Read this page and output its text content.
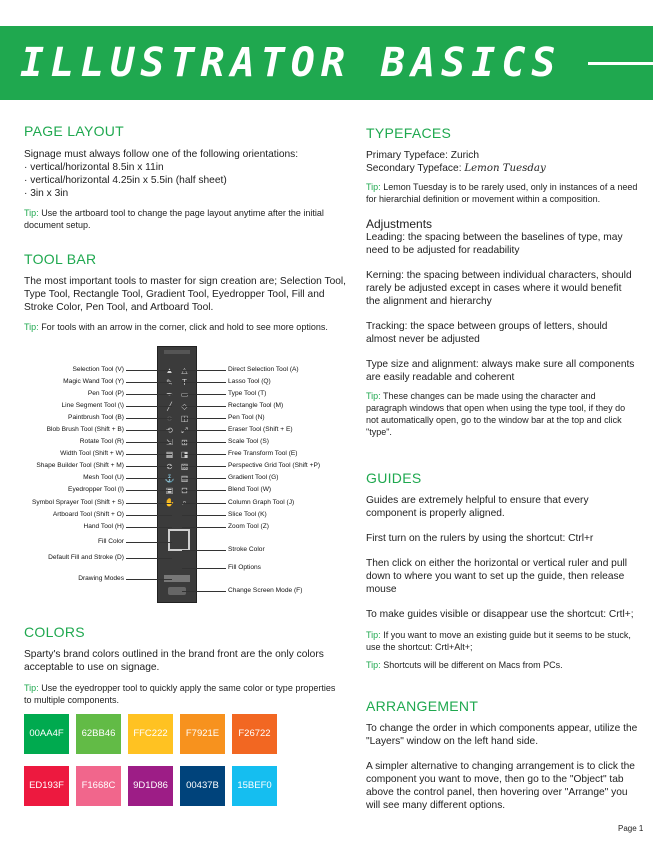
ILLUSTRATOR BASICS
PAGE LAYOUT

Signage must always follow one of the following orientations:

· vertical/horizontal 8.5in x 11in

· vertical/horizontal 4.25in x 5.5in (half sheet)

· 3in x 3in

Tip: Use the artboard tool to change the page layout anytime after the initial document setup.

TOOL BAR

The most important tools to master for sign creation are; Selection Tool, Type Tool, Rectangle Tool, Gradient Tool, Eyedropper Tool, Fill and Stroke Color, Pen Tool, and Artboard Tool.

Tip: For tools with an arrow in the corner, click and hold to see more options.

▲ △
✎	T
✒ ▭
╱	◇
◌	◫
⟲ ⤢
⇲ ⊞
▦ ◨
⊘ ▨
⚓ ▥
▣ ⊡
✋ ⌕
Selection Tool (V)
Magic Wand Tool (Y)
Pen Tool (P)
Line Segment Tool (\)
Paintbrush Tool (B)
Blob Brush Tool (Shift + B)
Rotate Tool (R)
Width Tool (Shift + W)
Shape Builder Tool (Shift + M)
Mesh Tool (U)
Eyedropper Tool (I)
Symbol Sprayer Tool (Shift + S)
Artboard Tool (Shift + O)
Hand Tool (H)
Fill Color
Default Fill and Stroke (D)
Drawing Modes
Direct Selection Tool (A)
Lasso Tool (Q)
Type Tool (T)
Rectangle Tool (M)
Pen Tool (N)
Eraser Tool (Shift + E)
Scale Tool (S)
Free Transform Tool (E)
Perspective Grid Tool (Shift +P)
Gradient Tool (G)
Blend Tool (W)
Column Graph Tool (J)
Slice Tool (K)
Zoom Tool (Z)
Stroke Color
Fill Options
Change Screen Mode (F)
COLORS

Sparty's brand colors outlined in the brand front are the only colors acceptable to use on signage.

Tip: Use the eyedropper tool to quickly apply the same color or type properties to multiple components.

00AA4F	62BB46	FFC222	F7921E	F26722
ED193F	F1668C	9D1D86	00437B	15BEF0
TYPEFACES

Primary Typeface: Zurich

Secondary Typeface: Lemon Tuesday

Tip: Lemon Tuesday is to be rarely used, only in instances of a need for hierarchial definition or movement within a composition.

Adjustments

Leading: the spacing between the baselines of type, may need to be adjusted for readability

Kerning: the spacing between individual characters, should rarely be adjusted except in cases where it would benefit the alignment and hierarchy

Tracking: the space between groups of letters, should almost never be adjusted

Type size and alignment: always make sure all components are easily readable and coherent

Tip: These changes can be made using the character and paragraph windows that open when using the type tool, if they do not automatically open, go to the window bar at the top and click "type".

GUIDES

Guides are extremely helpful to ensure that every component is properly aligned.

First turn on the rulers by using the shortcut: Ctrl+r

Then click on either the horizontal or vertical ruler and pull down to where you want to set up the guide, then release mouse

To make guides visible or disappear use the shortcut: Crtl+;

Tip: If you want to move an existing guide but it seems to be stuck, use the shortcut: Crtl+Alt+;

Tip: Shortcuts will be different on Macs from PCs.

ARRANGEMENT

To change the order in which components appear, utilize the "Layers" window on the left hand side.

A simpler alternative to changing arrangement is to click the component you want to move, then go to the "Object" tab above the control panel, then hovering over "Arrange" you will see many different options.

Page 1
